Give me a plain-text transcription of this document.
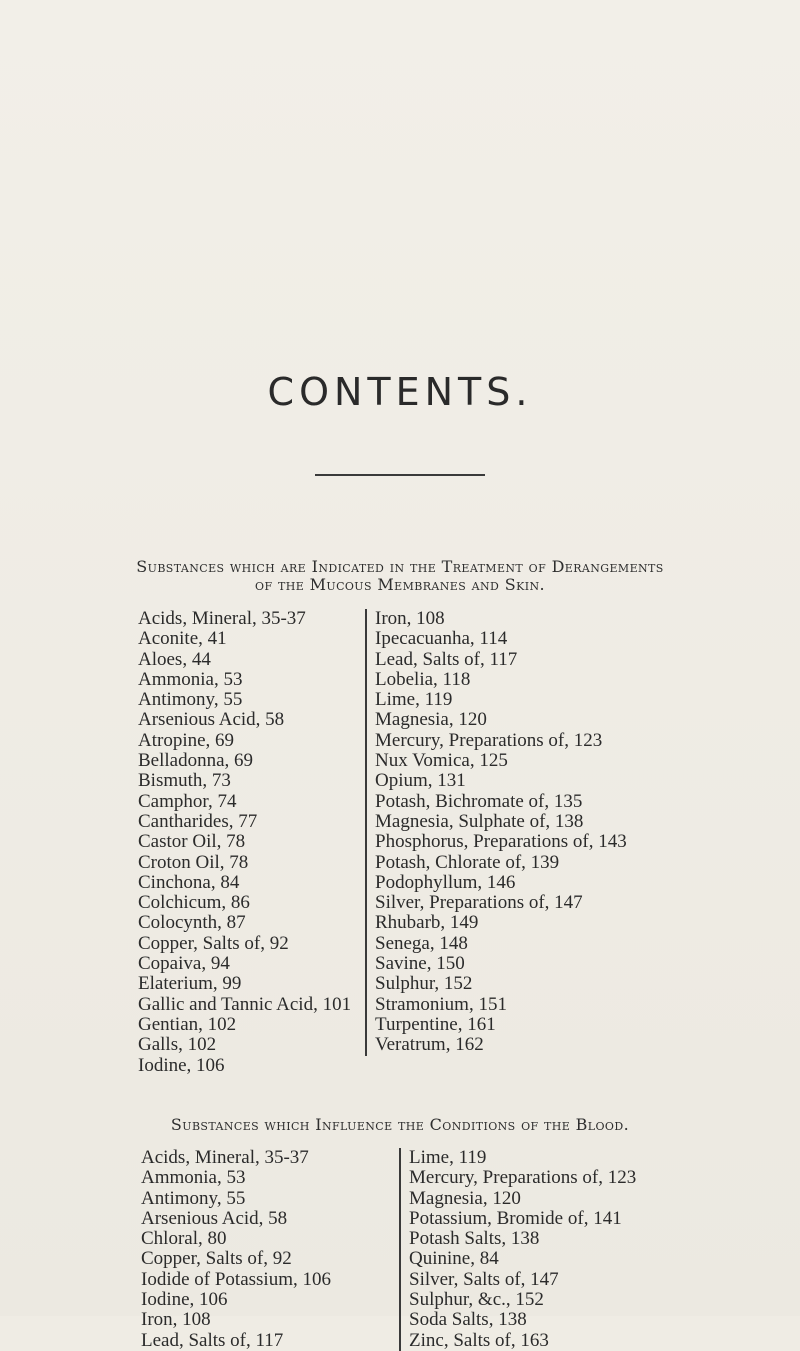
CONTENTS.
Substances which are Indicated in the Treatment of Derangements
of the Mucous Membranes and Skin.
Acids, Mineral, 35-37
Aconite, 41
Aloes, 44
Ammonia, 53
Antimony, 55
Arsenious Acid, 58
Atropine, 69
Belladonna, 69
Bismuth, 73
Camphor, 74
Cantharides, 77
Castor Oil, 78
Croton Oil, 78
Cinchona, 84
Colchicum, 86
Colocynth, 87
Copper, Salts of, 92
Copaiva, 94
Elaterium, 99
Gallic and Tannic Acid, 101
Gentian, 102
Galls, 102
Iodine, 106
Iron, 108
Ipecacuanha, 114
Lead, Salts of, 117
Lobelia, 118
Lime, 119
Magnesia, 120
Mercury, Preparations of, 123
Nux Vomica, 125
Opium, 131
Potash, Bichromate of, 135
Magnesia, Sulphate of, 138
Phosphorus, Preparations of, 143
Potash, Chlorate of, 139
Podophyllum, 146
Silver, Preparations of, 147
Rhubarb, 149
Senega, 148
Savine, 150
Sulphur, 152
Stramonium, 151
Turpentine, 161
Veratrum, 162
Substances which Influence the Conditions of the Blood.
Acids, Mineral, 35-37
Ammonia, 53
Antimony, 55
Arsenious Acid, 58
Chloral, 80
Copper, Salts of, 92
Iodide of Potassium, 106
Iodine, 106
Iron, 108
Lead, Salts of, 117
Lime, 119
Mercury, Preparations of, 123
Magnesia, 120
Potassium, Bromide of, 141
Potash Salts, 138
Quinine, 84
Silver, Salts of, 147
Sulphur, &c., 152
Soda Salts, 138
Zinc, Salts of, 163
